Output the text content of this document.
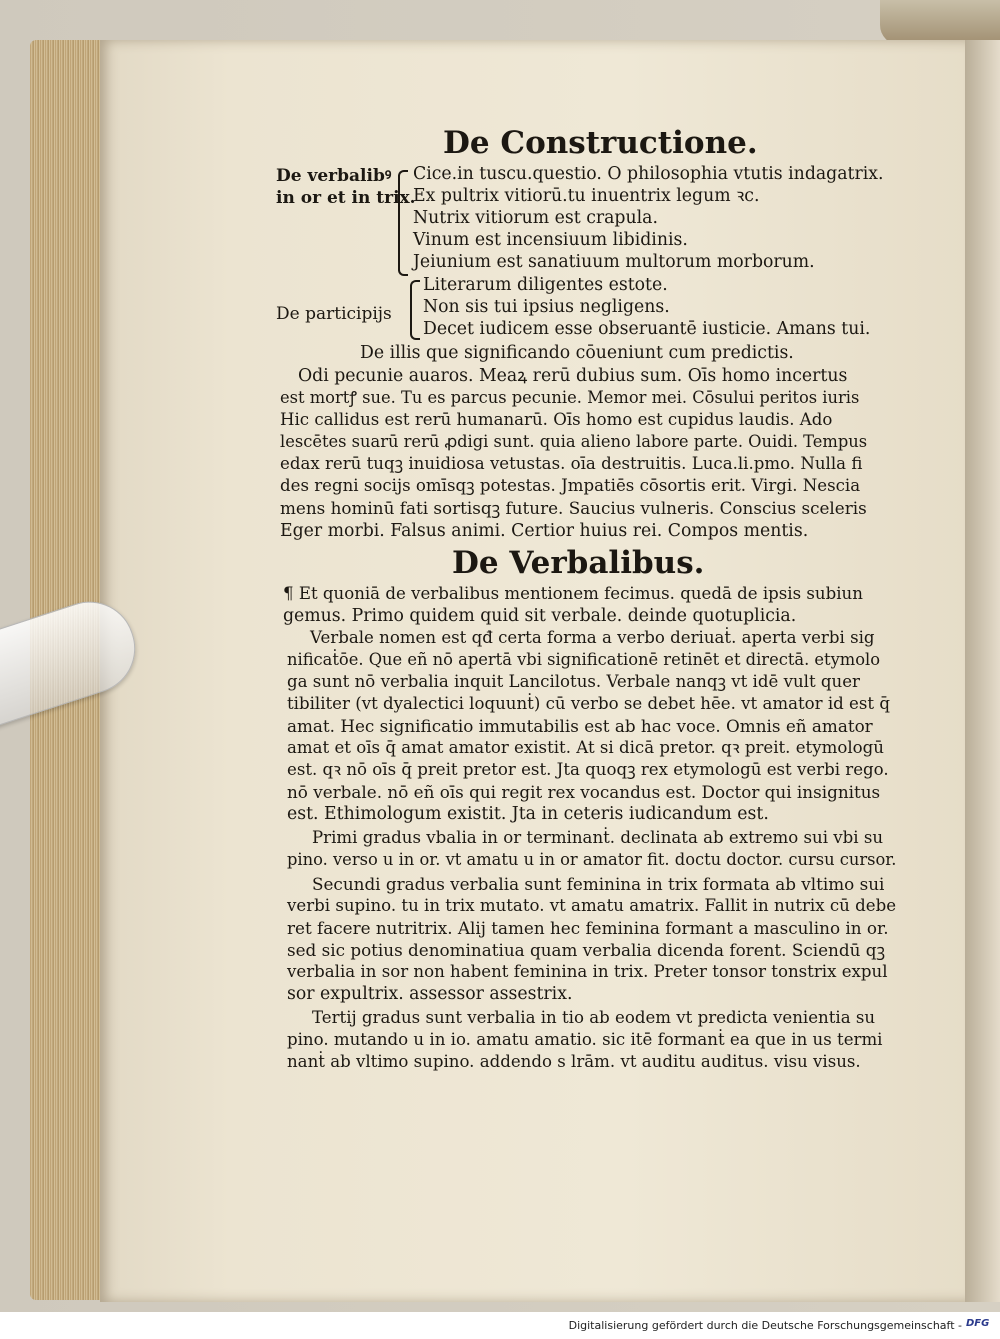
De Constructione.
De verbalibꝰ
in or et in trix.
De participijs
Cice.in tuscu.questio. O philosophia vtutis indagatrix.
Ex pultrix vitiorū.tu inuentrix legum ꝛc.
Nutrix vitiorum est crapula.
Vinum est incensiuum libidinis.
Jeiunium est sanatiuum multorum morborum.
Literarum diligentes estote.
Non sis tui ipsius negligens.
Decet iudicem esse obseruantē iusticie. Amans tui.
De illis que significando cōueniunt cum predictis.
Odi pecunie auaros. Meaꝝ rerū dubius sum. Oīs homo incertus
est mortꝭ sue. Tu es parcus pecunie. Memor mei. Cōsului peritos iuris
Hic callidus est rerū humanarū. Oīs homo est cupidus laudis. Ado
lescētes suarū rerū ꝓdigi sunt. quia alieno labore parte. Ouidi. Tempus
edax rerū tuqꝫ inuidiosa vetustas. oīa destruitis. Luca.li.pmo. Nulla fi
des regni socijs omīsqꝫ potestas. Jmpatiēs cōsortis erit. Virgi. Nescia
mens hominū fati sortisqꝫ future. Saucius vulneris. Conscius sceleris
Eger morbi. Falsus animi. Certior huius rei. Compos mentis.
De Verbalibus.
¶ Et quoniā de verbalibus mentionem fecimus. quedā de ipsis subiun
gemus. Primo quidem quid sit verbale. deinde quotuplicia.
Verbale nomen est qđ certa forma a verbo deriuaṫ. aperta verbi sig
nificaṫōe. Que eñ nō apertā vbi significationē retinēt et directā. etymolo
ga sunt nō verbalia inquit Lancilotus. Verbale nanqꝫ vt idē vult quer
tibiliter (vt dyalectici loquunṫ) cū verbo se debet hēe. vt amator id est q̄
amat. Hec significatio immutabilis est ab hac voce. Omnis eñ amator
amat et oīs q̄ amat amator existit. At si dicā pretor. qꝛ preit. etymologū
est. qꝛ nō oīs q̄ preit pretor est. Jta quoqꝫ rex etymologū est verbi rego.
nō verbale. nō eñ oīs qui regit rex vocandus est. Doctor qui insignitus
est. Ethimologum existit. Jta in ceteris iudicandum est.
Primi gradus vbalia in or terminanṫ. declinata ab extremo sui vbi su
pino. verso u in or. vt amatu u in or amator fit. doctu doctor. cursu cursor.
Secundi gradus verbalia sunt feminina in trix formata ab vltimo sui
verbi supino. tu in trix mutato. vt amatu amatrix. Fallit in nutrix cū debe
ret facere nutritrix. Alij tamen hec feminina formant a masculino in or.
sed sic potius denominatiua quam verbalia dicenda forent. Sciendū qꝫ
verbalia in sor non habent feminina in trix. Preter tonsor tonstrix expul
sor expultrix. assessor assestrix.
Tertij gradus sunt verbalia in tio ab eodem vt predicta venientia su
pino. mutando u in io. amatu amatio. sic itē formanṫ ea que in us termi
nanṫ ab vltimo supino. addendo s lrām. vt auditu auditus. visu visus.
Digitalisierung gefördert durch die Deutsche Forschungsgemeinschaft - DFG
